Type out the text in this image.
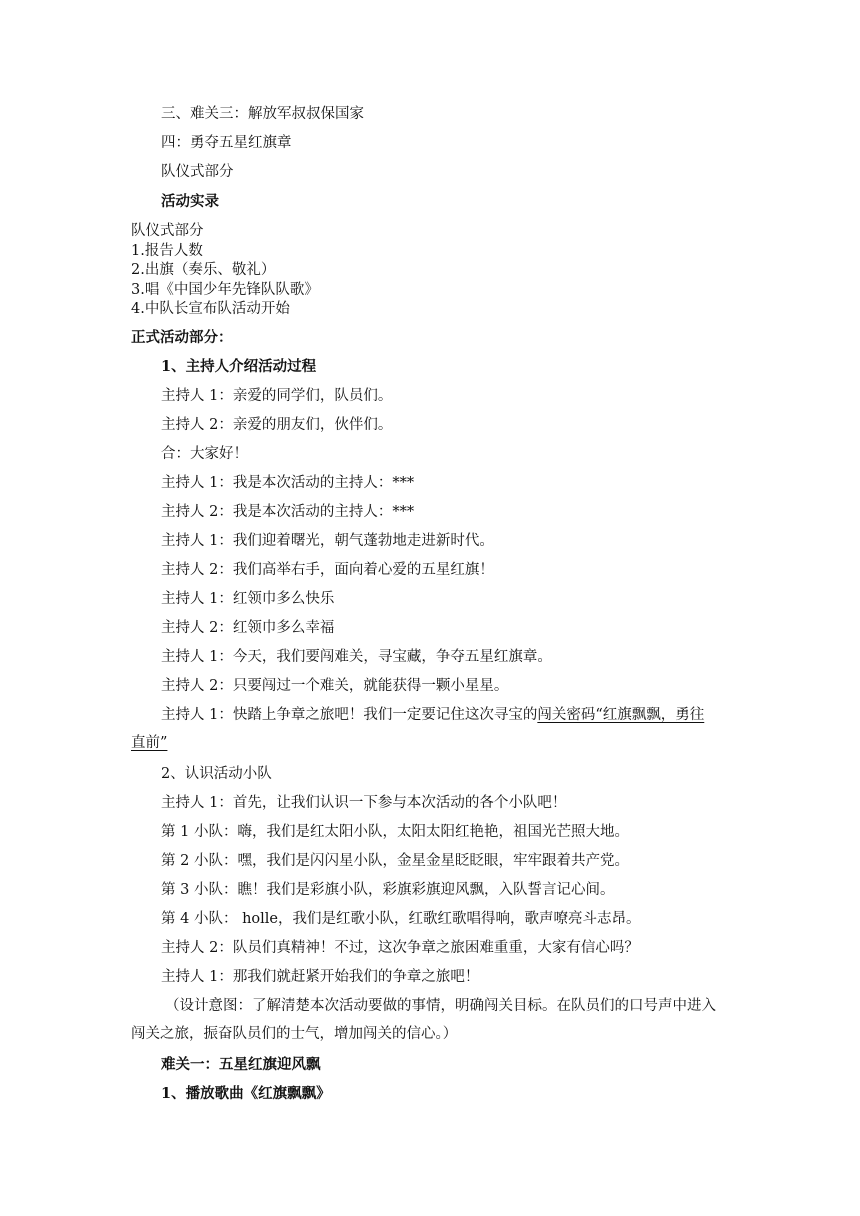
三、难关三：解放军叔叔保国家
四：勇夺五星红旗章
队仪式部分
活动实录
队仪式部分
1.报告人数
2.出旗（奏乐、敬礼）
3.唱《中国少年先锋队队歌》
4.中队长宣布队活动开始
正式活动部分：
1、主持人介绍活动过程
主持人 1：亲爱的同学们，队员们。
主持人 2：亲爱的朋友们，伙伴们。
合：大家好！
主持人 1：我是本次活动的主持人：***
主持人 2：我是本次活动的主持人：***
主持人 1：我们迎着曙光，朝气蓬勃地走进新时代。
主持人 2：我们高举右手，面向着心爱的五星红旗！
主持人 1：红领巾多么快乐
主持人 2：红领巾多么幸福
主持人 1：今天，我们要闯难关，寻宝藏，争夺五星红旗章。
主持人 2：只要闯过一个难关，就能获得一颗小星星。
主持人 1：快踏上争章之旅吧！我们一定要记住这次寻宝的闯关密码“红旗飘飘，勇往
直前”
2、认识活动小队
主持人 1：首先，让我们认识一下参与本次活动的各个小队吧！
第 1 小队：嗨，我们是红太阳小队，太阳太阳红艳艳，祖国光芒照大地。
第 2 小队：嘿，我们是闪闪星小队，金星金星眨眨眼，牢牢跟着共产党。
第 3 小队：瞧！我们是彩旗小队，彩旗彩旗迎风飘，入队誓言记心间。
第 4 小队： holle，我们是红歌小队，红歌红歌唱得响，歌声嘹亮斗志昂。
主持人 2：队员们真精神！不过，这次争章之旅困难重重，大家有信心吗？
主持人 1：那我们就赶紧开始我们的争章之旅吧！
（设计意图：了解清楚本次活动要做的事情，明确闯关目标。在队员们的口号声中进入
闯关之旅，振奋队员们的士气，增加闯关的信心。）
难关一：五星红旗迎风飘
1、播放歌曲《红旗飘飘》
